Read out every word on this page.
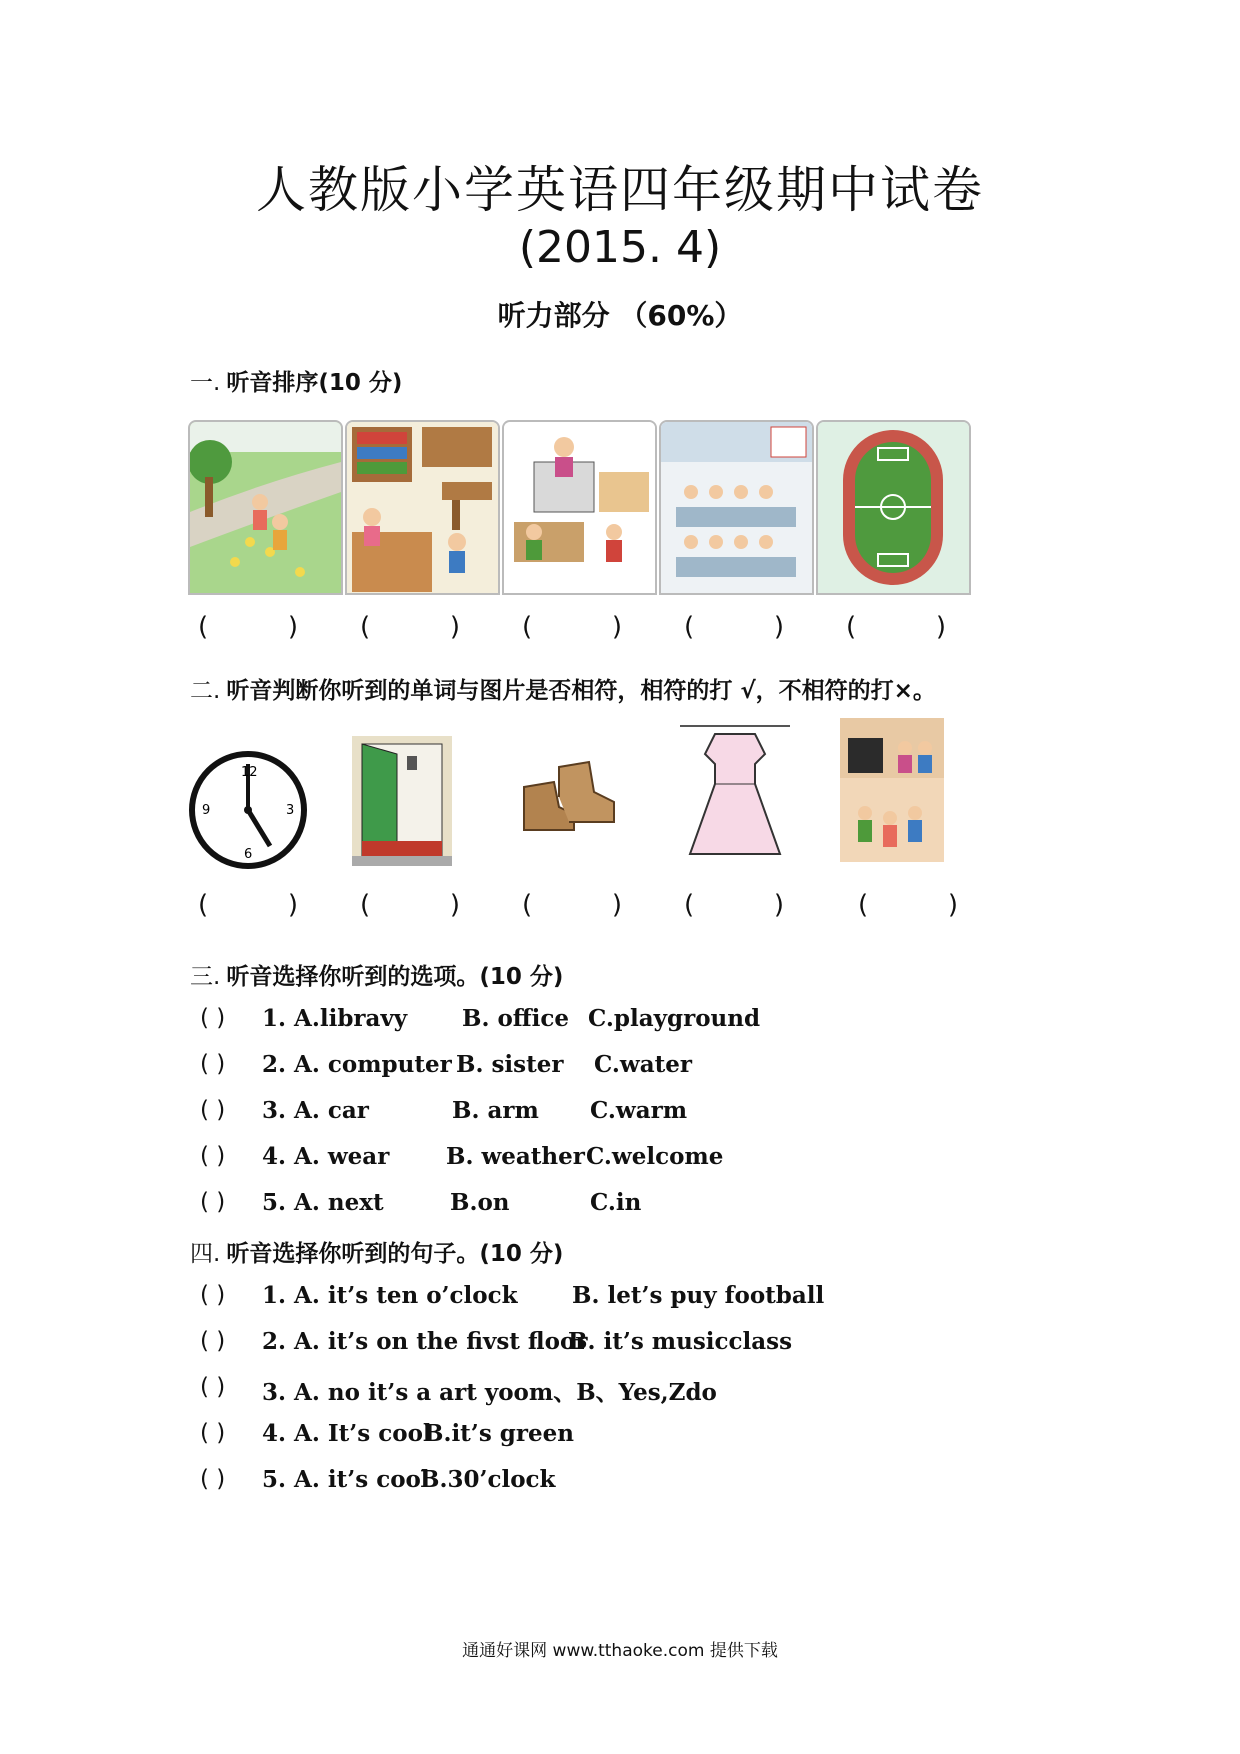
人教版小学英语四年级期中试卷
(2015. 4)
听力部分 （60%）
一. 听音排序(10 分)
(	) (	) (	) (	) (	)
二. 听音判断你听到的单词与图片是否相符，相符的打 √，不相符的打×。
12
3
6
9
(	) (	) (	) (	)	(	)
三. 听音选择你听到的选项。(10 分)
( ) 1. A.libravy B. office C.playground
( ) 2. A. computer B. sister C.water
( ) 3. A. car	B. arm C.warm
( ) 4. A. wear B. weather C.welcome
( ) 5. A. next	B.on	C.in
四. 听音选择你听到的句子。(10 分)
( ) 1. A. it’s ten o’clock B. let’s puy football
( ) 2. A. it’s on the fivst floor
B. it’s musicclass
( ) 3. A. no it’s a art yoom、B、Yes,Zdo
( ) 4. A. It’s cool
B.it’s green
( ) 5. A. it’s cool
B.30’clock
通通好课网 www.tthaoke.com 提供下载
